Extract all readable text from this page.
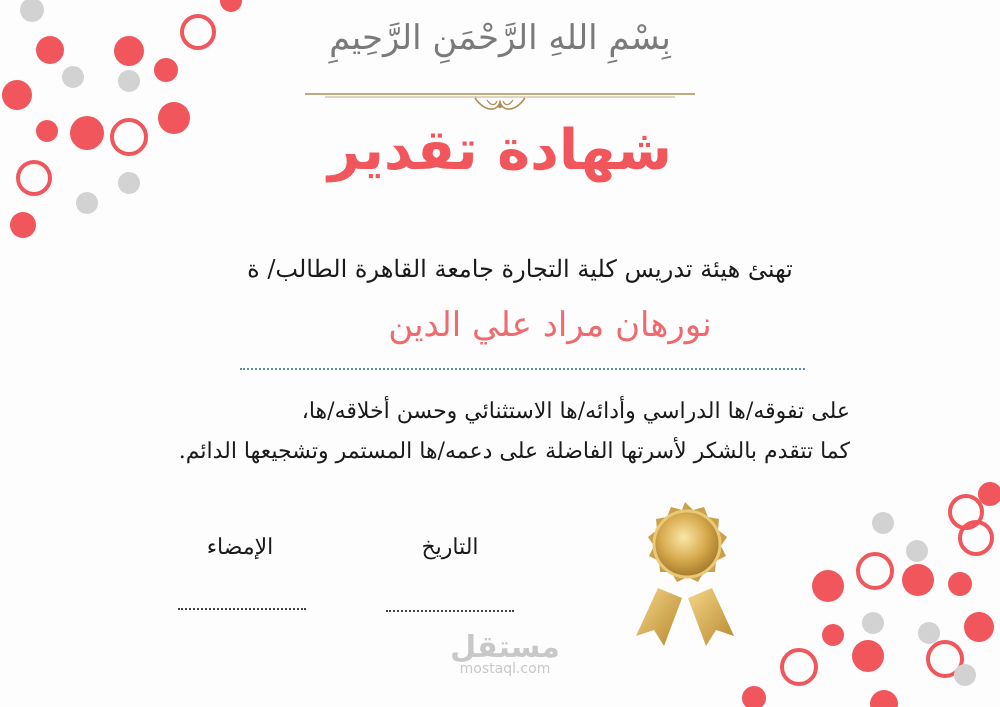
بِسْمِ اللهِ الرَّحْمَنِ الرَّحِيمِ
شهادة تقدير
تهنئ هيئة تدريس كلية التجارة جامعة القاهرة الطالب/ ة
نورهان مراد علي الدين
على تفوقه/ها الدراسي وأدائه/ها الاستثنائي وحسن أخلاقه/ها،
كما تتقدم بالشكر لأسرتها الفاضلة على دعمه/ها المستمر وتشجيعها الدائم.
الإمضاء	التاريخ
مستقل
mostaql.com
